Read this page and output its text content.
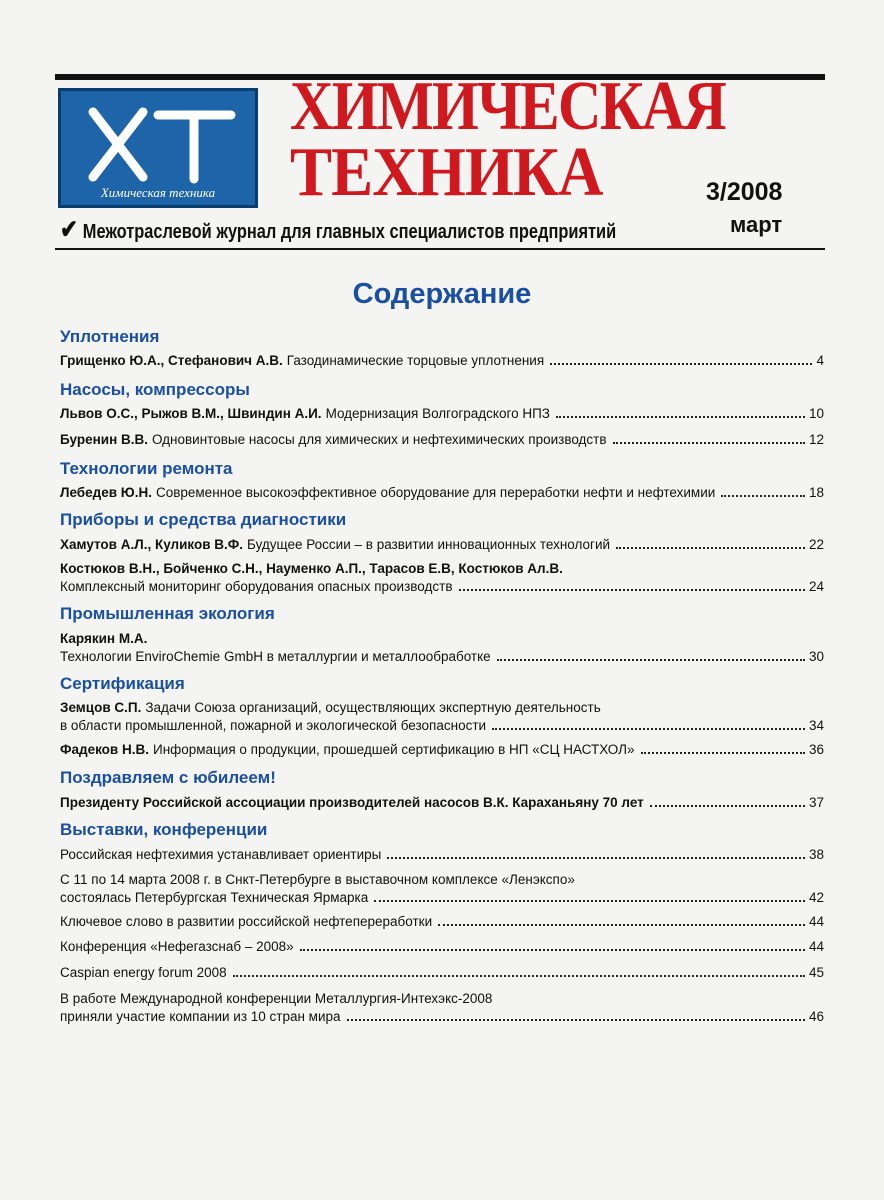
Химическая техника
ХИМИЧЕСКАЯ
ТЕХНИКА	3/2008
март
✔ Межотраслевой журнал для главных специалистов предприятий
Содержание
Уплотнения
Насосы, компрессоры
Технологии ремонта
Приборы и средства диагностики
Промышленная экология
Сертификация
Поздравляем с юбилеем!
Выставки, конференции
Грищенко Ю.А., Стефанович А.В. Газодинамические торцовые уплотнения	4
Львов О.С., Рыжов В.М., Швиндин А.И. Модернизация Волгоградского НПЗ	10
Буренин В.В. Одновинтовые насосы для химических и нефтехимических производств	12
Лебедев Ю.Н. Современное высокоэффективное оборудование для переработки нефти и нефтехимии	18
Хамутов А.Л., Куликов В.Ф. Будущее России – в развитии инновационных технологий	22
Костюков В.Н., Бойченко С.Н., Науменко А.П., Тарасов Е.В, Костюков Ал.В.
Комплексный мониторинг оборудования опасных производств	24
Карякин М.А.
Технологии EnviroChemie GmbH в металлургии и металлообработке	30
Земцов С.П. Задачи Союза организаций, осуществляющих экспертную деятельность
в области промышленной, пожарной и экологической безопасности	34
Фадеков Н.В. Информация о продукции, прошедшей сертификацию в НП «СЦ НАСТХОЛ»	36
Президенту Российской ассоциации производителей насосов В.К. Караханьяну 70 лет	37
Российская нефтехимия устанавливает ориентиры	38
С 11 по 14 марта 2008 г. в Снкт-Петербурге в выставочном комплексе «Ленэкспо»
состоялась Петербургская Техническая Ярмарка	42
Ключевое слово в развитии российской нефтепереработки	44
Конференция «Нефегазснаб – 2008»	44
Caspian energy forum 2008	45
В работе Международной конференции Металлургия-Интехэкс-2008
приняли участие компании из 10 стран мира	46
